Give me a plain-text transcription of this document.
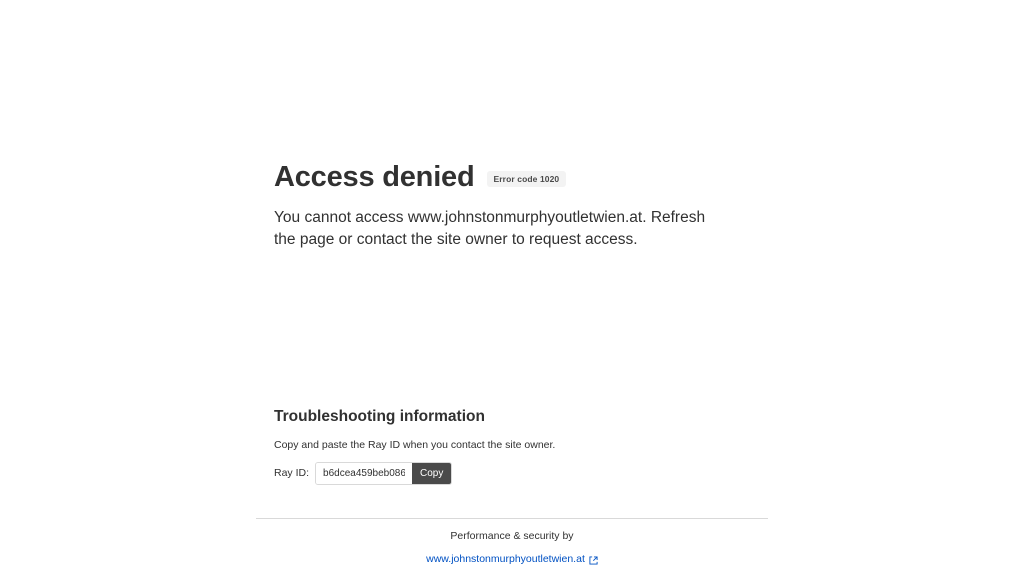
Access denied	Error code 1020

You cannot access www.johnstonmurphyoutletwien.at. Refresh the page or contact the site owner to request access.

Troubleshooting information

Copy and paste the Ray ID when you contact the site owner.

Ray ID:
b6dcea459beb0868	Copy
Performance & security by
www.johnstonmurphyoutletwien.at
